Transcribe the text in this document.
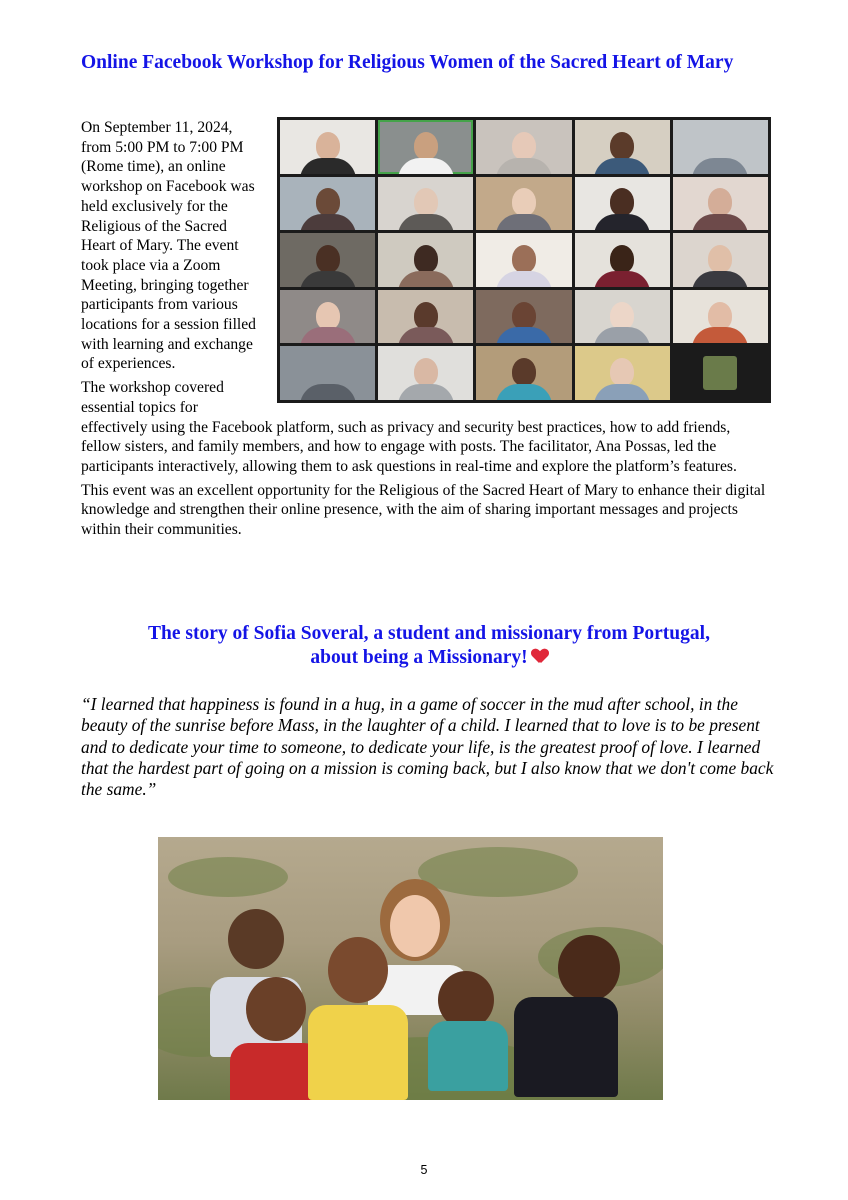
Online Facebook Workshop for Religious Women of the Sacred Heart of Mary

On September 11, 2024, from 5:00 PM to 7:00 PM (Rome time), an online workshop on Facebook was held exclusively for the Religious of the Sacred Heart of Mary. The event took place via a Zoom Meeting, bringing together participants from various locations for a session filled with learning and exchange of experiences.

The workshop covered essential topics for effectively using the Facebook platform, such as privacy and security best practices, how to add friends, fellow sisters, and family members, and how to engage with posts. The facilitator, Ana Possas, led the participants interactively, allowing them to ask questions in real-time and explore the platform’s features.

This event was an excellent opportunity for the Religious of the Sacred Heart of Mary to enhance their digital knowledge and strengthen their online presence, with the aim of sharing important messages and projects within their communities.

The story of Sofia Soveral, a student and missionary from Portugal,
about being a Missionary!

“I learned that happiness is found in a hug, in a game of soccer in the mud after school, in the beauty of the sunrise before Mass, in the laughter of a child. I learned that to love is to be present and to dedicate your time to someone, to dedicate your life, is the greatest proof of love. I learned that the hardest part of going on a mission is coming back, but I also know that we don't come back the same.”

5
